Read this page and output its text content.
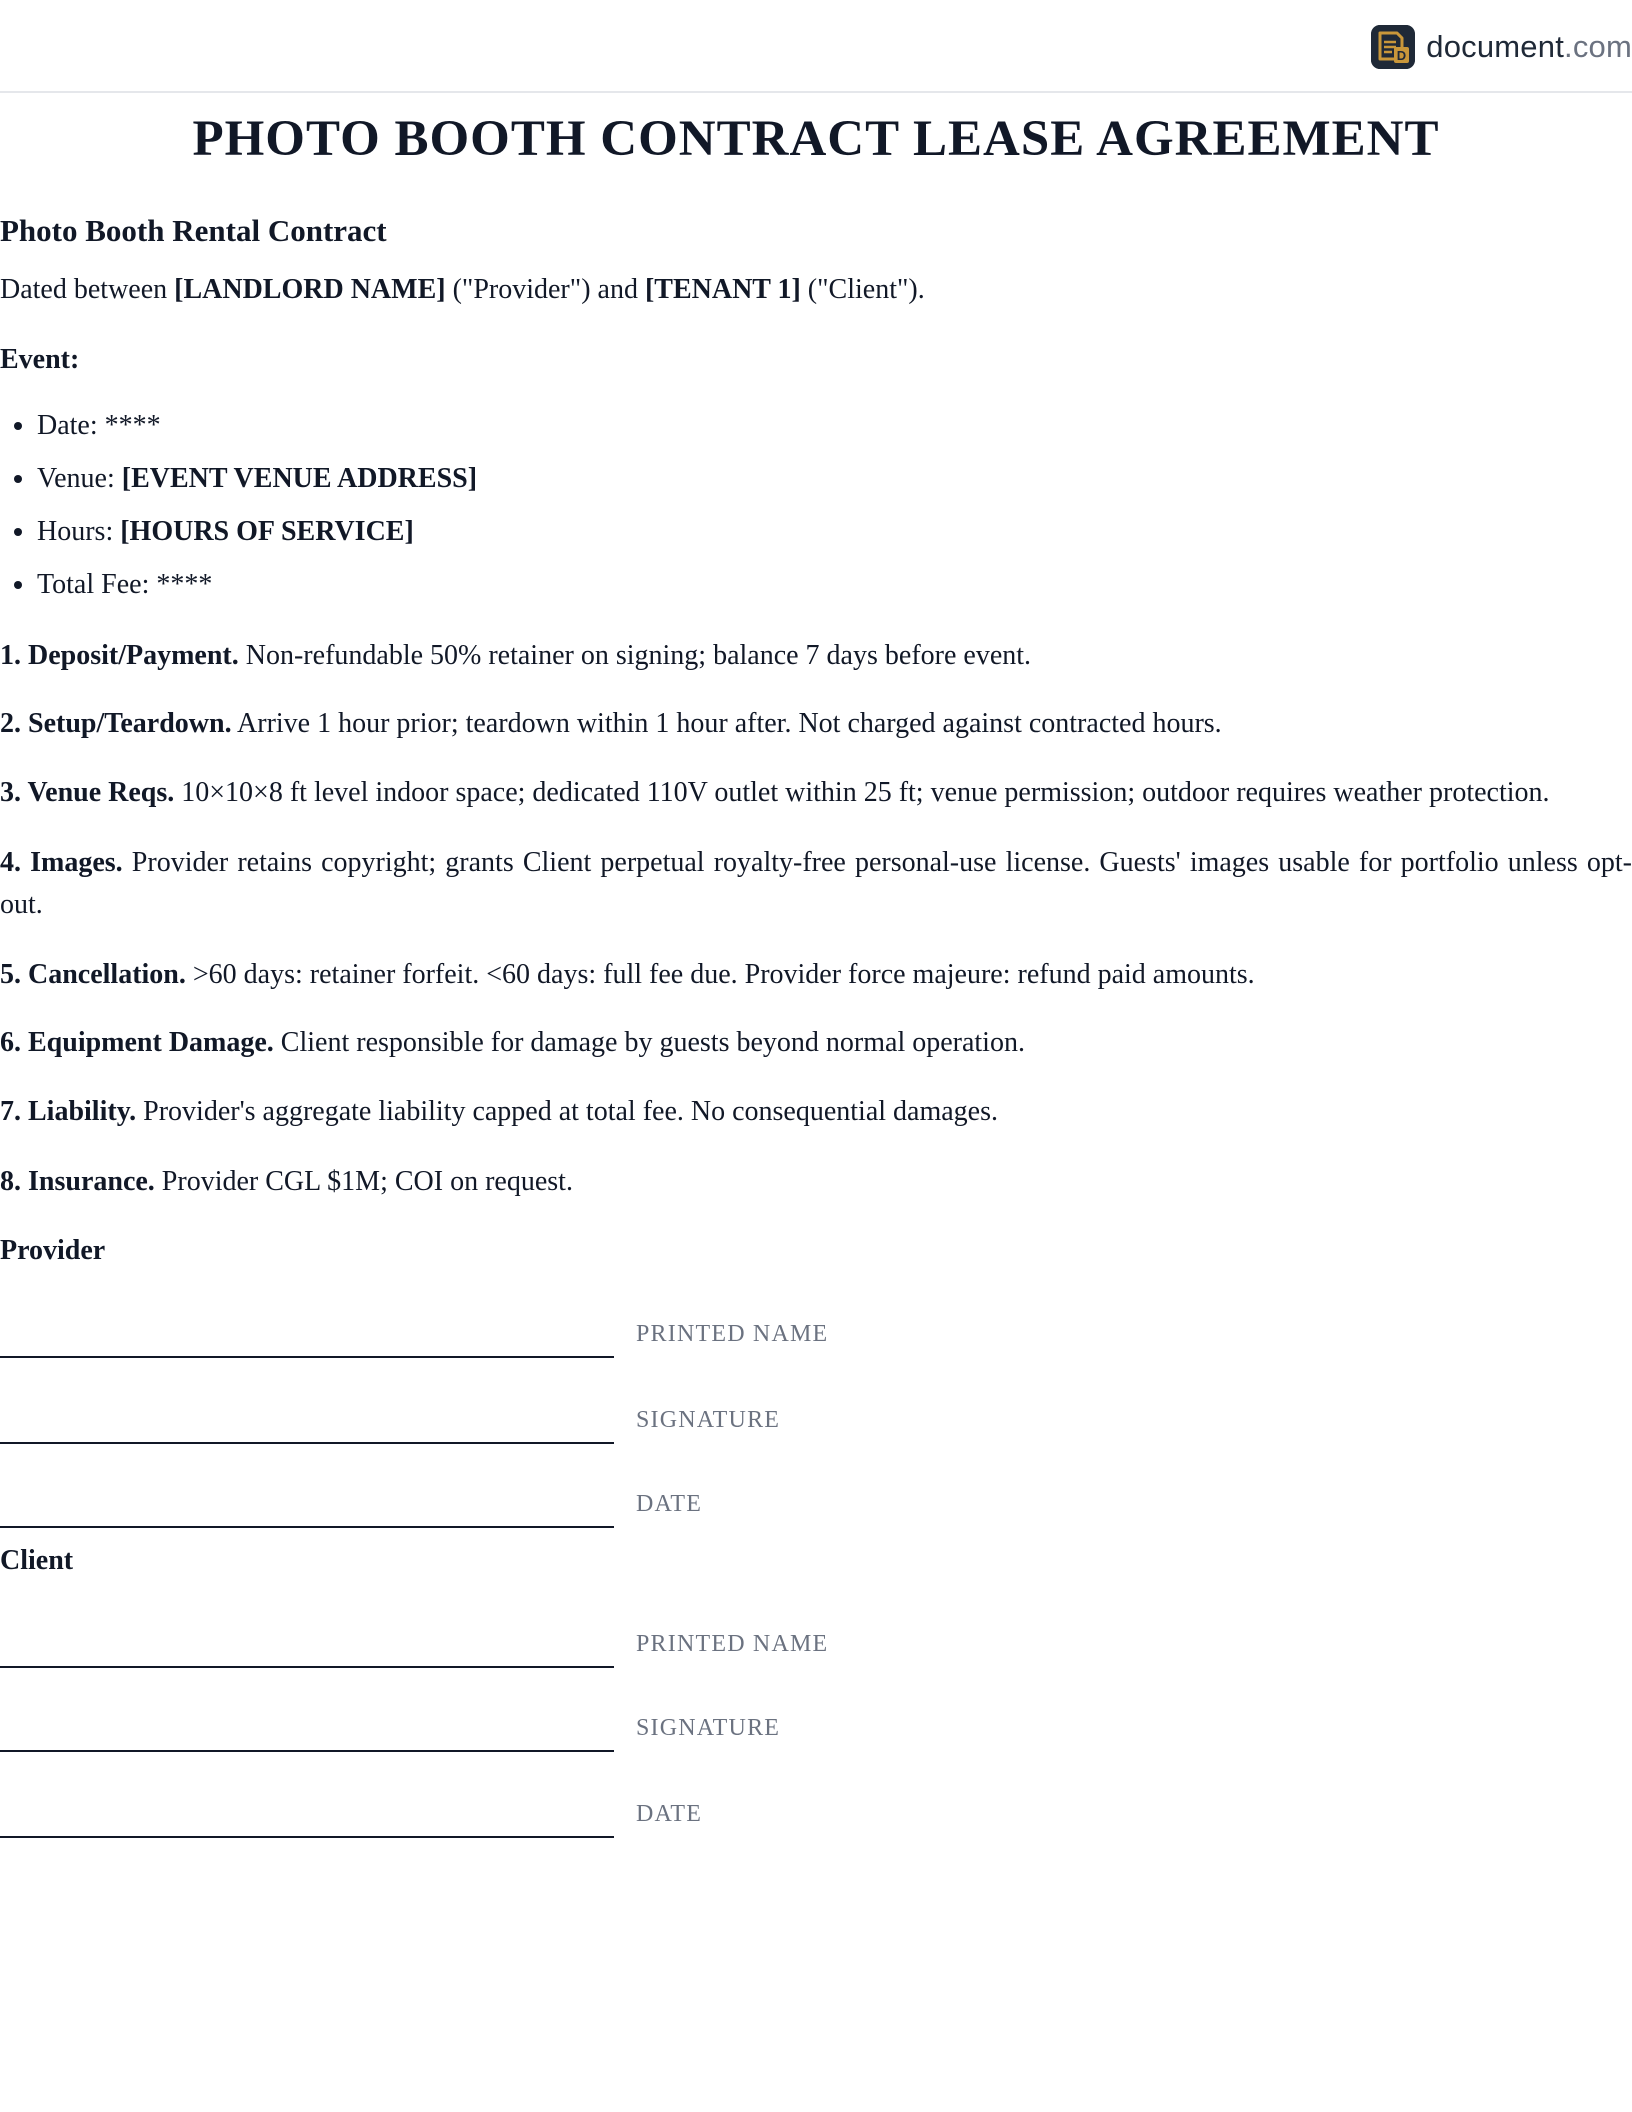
D document.com
PHOTO BOOTH CONTRACT LEASE AGREEMENT
Photo Booth Rental Contract

Dated between [LANDLORD NAME] ("Provider") and [TENANT 1] ("Client").

Event:

• Date: ****
• Venue: [EVENT VENUE ADDRESS]
• Hours: [HOURS OF SERVICE]
• Total Fee: ****

1. Deposit/Payment. Non-refundable 50% retainer on signing; balance 7 days before event.

2. Setup/Teardown. Arrive 1 hour prior; teardown within 1 hour after. Not charged against contracted hours.

3. Venue Reqs. 10×10×8 ft level indoor space; dedicated 110V outlet within 25 ft; venue permission; outdoor requires weather protection.

4. Images. Provider retains copyright; grants Client perpetual royalty-free personal-use license. Guests' images usable for portfolio unless opt-out.

5. Cancellation. >60 days: retainer forfeit. <60 days: full fee due. Provider force majeure: refund paid amounts.

6. Equipment Damage. Client responsible for damage by guests beyond normal operation.

7. Liability. Provider's aggregate liability capped at total fee. No consequential damages.

8. Insurance. Provider CGL $1M; COI on request.

Provider

PRINTED NAME
SIGNATURE
DATE

Client

PRINTED NAME
SIGNATURE
DATE
